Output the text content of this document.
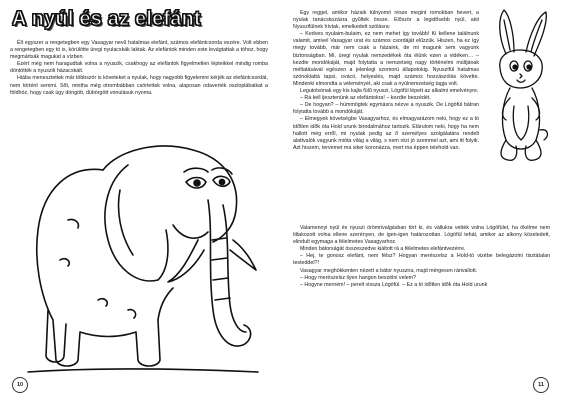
A nyúl és az elefánt

Élt egyszer a rengetegben egy Vasagyar nevű hatalmas elefánt, számos elefántcsorda vezére. Volt ebben a rengetegben egy tó is, körülötte üregi nyulacskák laktak. Az elefántok minden este levágtattak a tóhoz, hogy megmártsák magukat a vízben.

Ezért még nem haragudtak volna a nyuszik, csakhogy az elefántok figyelmetlen lépteikkel mindig romba döntötték a nyuszik házacskáit.

Hiába menesztettek már többször is követeket a nyulak, hogy nagyobb figyelemre kérjék az elefántcsordát, nem történt semmi. Sőt, mintha még otrombábban csörtettek volna, alaposan odaverték oszloplábaikat a földhöz, hogy csak úgy döngött, dübörgött vonulásuk nyoma.

10

Egy reggel, amikor házaik túlnyomó része megint romokban hevert, a nyulak tanácskozásra gyűltek össze. Először a legidősebb nyúl, akit Nyuszifülnek hívtak, emelkedett szólásra:

– Kedves nyulaim-bulaim, ez nem mehet így tovább! Ki kellene találnunk valamit, amivel Vasagyar urat és számos csordáját elűzzük. Hiszen, ha ez így megy tovább, már nem csak a házaink, de mi magunk sem vagyunk biztonságban. Mi, üregi nyulak nemzedékek óta élünk ezen a vidéken… – kezdte mondókáját, majd folytatta a nemzetség nagy történelmi múltjának méltatásával egészen a jelenlegi szomorú állapotokig. Nyuszifül hatalmas szónoklattá tapsi, ovácó, helyeslés, majd számos hozzászólás követte. Mindenki elmondta a véleményét, aki csak a nyúlnemzetség tagja volt.

Legutolsónak egy kis kajla fülű nyuszi, Lógófül lépett az alkalmi emelvényre.

– Rá kell ijesztenünk az elefántokra! – kezdte beszédét.

– De hogyan? – hümmögtek egymásra nézve a nyuszik. De Lógófül bátran folytatta tovább a mondókáját.

– Elmegyek követségbe Vasagyarhoz, és elmagyarázom neki, hogy ez a tó időtlen idők óta Hold urunk birodalmához tartozik. Elárulom neki, hogy ha nem hallott még erről, mi nyulak pedig az ő személyes szolgálatára rendelt alattvalók vagyunk mióta világ a világ, s nem rézi jó szemmel azt, ami itt folyik. Azt hiszem, tervemet ma siker koronázza, mert ma éppen telehold van.

Valamennyi nyúl és nyuszi örömrivalgásban tört ki, és vállukra vették volna Lógófület, ha ökélme nem tiltakozott volna ellene szerényen, de igen-igen határozottan. Lógófül tehát, amikor az alkony közeledett, elindult egymaga a félelmetes Vasagyarhoz.

Minden bátorságát összeszedve kiáltott rá a félelmetes elefántvezérre.

– Hej, te gonosz elefánt, nem félsz? Hogyan merészelsz a Hold-tó vizébe belegázolni tisztátalan testeddel?!

Vasagyar meghökkenten nézett a bátor nyuszira, majd mérgesen rárivallott.

– Hogy merészelsz ilyen hangon beszélni velem?

– Hogyne merném! – perelt vissza Lógófül. – Ez a tó időtlen idők óta Hold urunk

11
